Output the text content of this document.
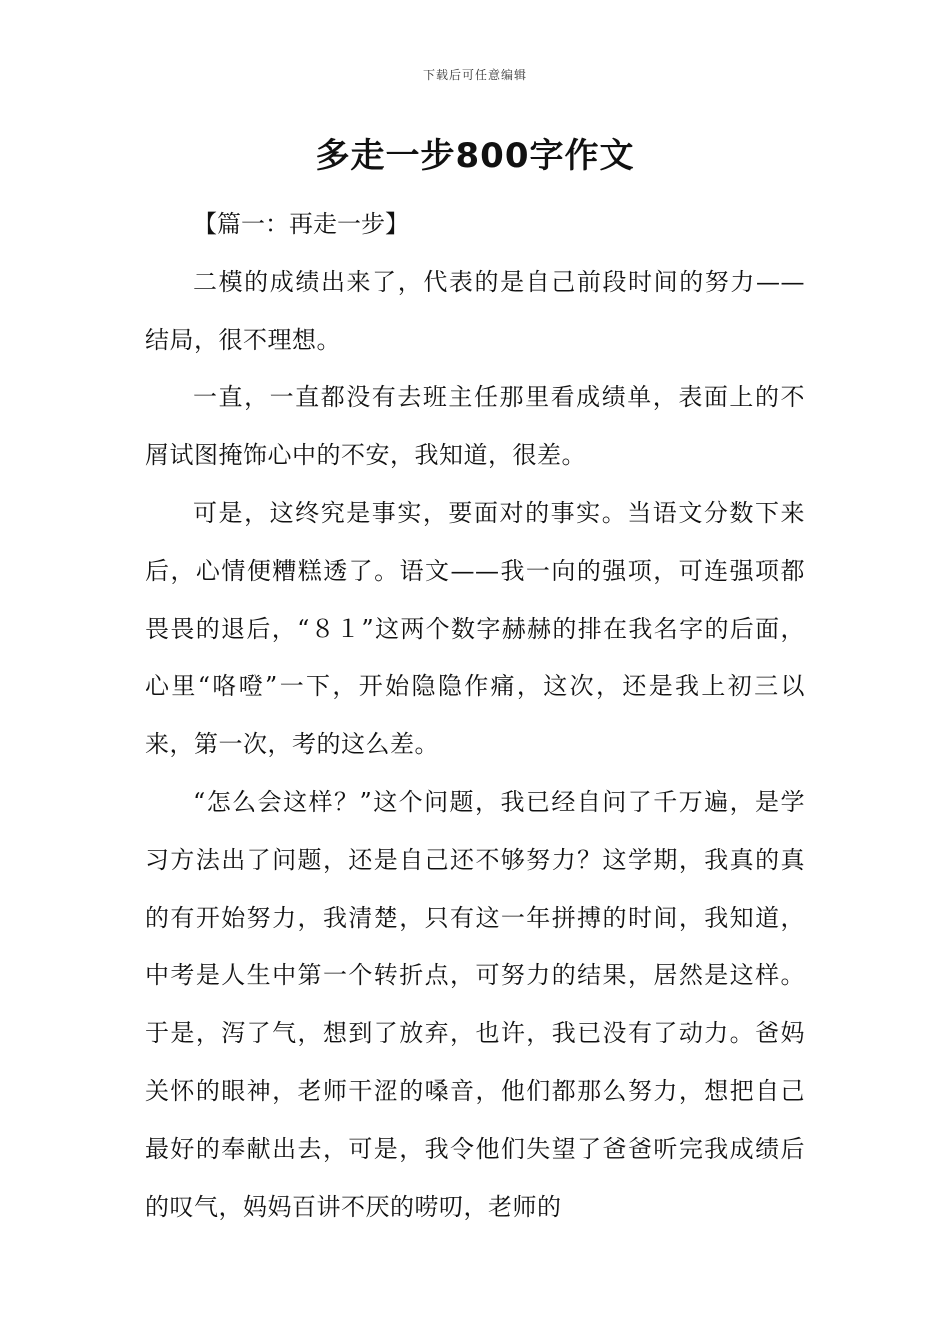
下载后可任意编辑
多走一步800字作文
【篇一：再走一步】

二模的成绩出来了，代表的是自己前段时间的努力——结局，很不理想。

一直，一直都没有去班主任那里看成绩单，表面上的不屑试图掩饰心中的不安，我知道，很差。

可是，这终究是事实，要面对的事实。当语文分数下来后，心情便糟糕透了。语文——我一向的强项，可连强项都畏畏的退后，“８１”这两个数字赫赫的排在我名字的后面，心里“咯噔”一下，开始隐隐作痛，这次，还是我上初三以来，第一次，考的这么差。

“怎么会这样？”这个问题，我已经自问了千万遍，是学习方法出了问题，还是自己还不够努力？这学期，我真的真的有开始努力，我清楚，只有这一年拼搏的时间，我知道，中考是人生中第一个转折点，可努力的结果，居然是这样。于是，泻了气，想到了放弃，也许，我已没有了动力。爸妈关怀的眼神，老师干涩的嗓音，他们都那么努力，想把自己最好的奉献出去，可是，我令他们失望了爸爸听完我成绩后的叹气，妈妈百讲不厌的唠叨，老师的
